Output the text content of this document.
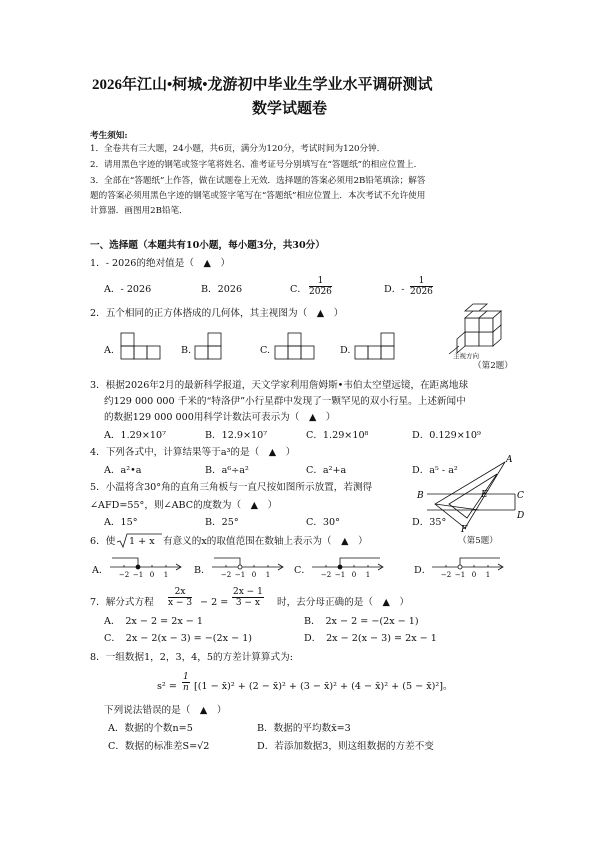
2026年江山•柯城•龙游初中毕业生学业水平调研测试
数学试题卷
考生须知:
1．全卷共有三大题，24小题，共6页，满分为120分，考试时间为120分钟．
2．请用黑色字迹的钢笔或签字笔将姓名、准考证号分别填写在“答题纸”的相应位置上．
3．全部在“答题纸”上作答，做在试题卷上无效．选择题的答案必须用2B铅笔填涂；解答
题的答案必须用黑色字迹的钢笔或签字笔写在“答题纸”相应位置上．本次考试不允许使用
计算器．画图用2B铅笔．
一、选择题（本题共有10小题，每小题3分，共30分）
1．- 2026的绝对值是（　▲　）
A．- 2026	B．2026	C． $\frac{1}{2026}$	D．- $\frac{1}{2026}$
2．五个相同的正方体搭成的几何体，其主视图为（　▲　）
A.	B.	C.	D.	主视方向
（第2题）
3．根据2026年2月的最新科学报道，天文学家利用詹姆斯•韦伯太空望远镜，在距离地球
约129 000 000 千米的“特洛伊”小行星群中发现了一颗罕见的双小行星。上述新闻中
的数据129 000 000用科学计数法可表示为（　▲　）
A．1.29×10⁷	B．12.9×10⁷	C．1.29×10⁸	D．0.129×10⁹
4．下列各式中，计算结果等于a³的是（　▲　）
A．a²•a	B．a⁶÷a²	C．a²+a	D．a⁵ - a²
5．小温将含30°角的直角三角板与一直尺按如图所示放置，若测得
∠AFD=55°，则∠ABC的度数为（　▲　）
A．15°	B．25°	C．30°	D．35°
A
B	C
D
E
F
（第5题）
6．使 1 + x 有意义的x的取值范围在数轴上表示为（　▲　）
A．	B．	C．	D．
−2 −1 0 1	−2 −1 0 1	−2 −1 0 1	−2 −1 0 1
7．解分式方程 $\frac{2x}{x - 3} - 2 = \frac{2x - 1}{3 - x}$ 时，去分母正确的是（　▲　）
A．　2x − 2 = 2x − 1	B．　2x − 2 = −(2x − 1)
C．　2x − 2(x − 3) = −(2x − 1)	D．　2x − 2(x − 3) = 2x − 1
8．一组数据1，2，3，4，5的方差计算算式为:
$s^2 = \frac{1}{n} [(1$ − x̄)² + (2 − x̄)² + (3 − x̄)² + (4 − x̄)² + (5 − x̄)²]。
下列说法错误的是（　▲　）
A．数据的个数n=5	B．数据的平均数x̄=3
C．数据的标准差S=√2	D．若添加数据3，则这组数据的方差不变
